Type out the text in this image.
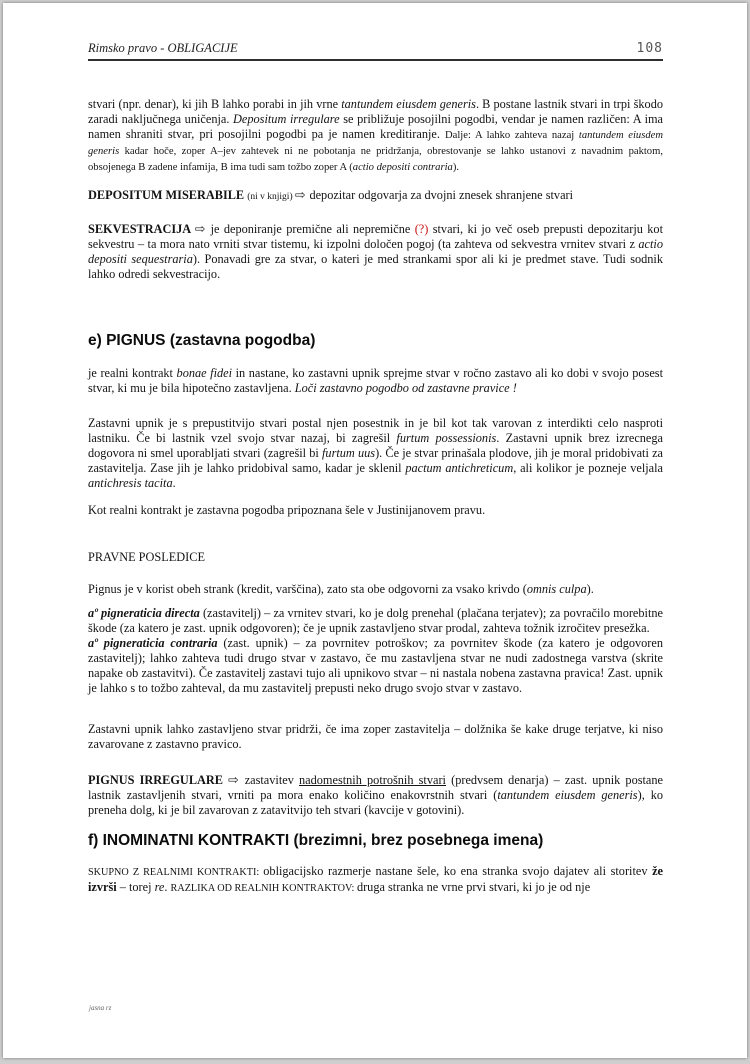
Rimsko pravo - OBLIGACIJE	108

stvari (npr. denar), ki jih B lahko porabi in jih vrne tantundem eiusdem generis. B postane lastnik stvari in trpi škodo zaradi naključnega uničenja. Depositum irregulare se približuje posojilni pogodbi, vendar je namen različen: A ima namen shraniti stvar, pri posojilni pogodbi pa je namen kreditiranje. Dalje: A lahko zahteva nazaj tantundem eiusdem generis kadar hoče, zoper A–jev zahtevek ni ne pobotanja ne pridržanja, obrestovanje se lahko ustanovi z navadnim paktom, obsojenega B zadene infamija, B ima tudi sam tožbo zoper A (actio depositi contraria).

DEPOSITUM MISERABILE (ni v knjigi) ⇨ depozitar odgovarja za dvojni znesek shranjene stvari

SEKVESTRACIJA ⇨ je deponiranje premične ali nepremične (?) stvari, ki jo več oseb prepusti depozitarju kot sekvestru – ta mora nato vrniti stvar tistemu, ki izpolni določen pogoj (ta zahteva od sekvestra vrnitev stvari z actio depositi sequestraria). Ponavadi gre za stvar, o kateri je med strankami spor ali ki je predmet stave. Tudi sodnik lahko odredi sekvestracijo.

e) PIGNUS (zastavna pogodba)

je realni kontrakt bonae fidei in nastane, ko zastavni upnik sprejme stvar v ročno zastavo ali ko dobi v svojo posest stvar, ki mu je bila hipotečno zastavljena. Loči zastavno pogodbo od zastavne pravice !

Zastavni upnik je s prepustitvijo stvari postal njen posestnik in je bil kot tak varovan z interdikti celo nasproti lastniku. Če bi lastnik vzel svojo stvar nazaj, bi zagrešil furtum possessionis. Zastavni upnik brez izrecnega dogovora ni smel uporabljati stvari (zagrešil bi furtum uus). Če je stvar prinašala plodove, jih je moral pridobivati za zastavitelja. Zase jih je lahko pridobival samo, kadar je sklenil pactum antichreticum, ali kolikor je pozneje veljala antichresis tacita.

Kot realni kontrakt je zastavna pogodba pripoznana šele v Justinijanovem pravu.

PRAVNE POSLEDICE

Pignus je v korist obeh strank (kredit, varščina), zato sta obe odgovorni za vsako krivdo (omnis culpa).

aº pigneraticia directa (zastavitelj) – za vrnitev stvari, ko je dolg prenehal (plačana terjatev); za povračilo morebitne škode (za katero je zast. upnik odgovoren); če je upnik zastavljeno stvar prodal, zahteva tožnik izročitev presežka.

aº pigneraticia contraria (zast. upnik) – za povrnitev potroškov; za povrnitev škode (za katero je odgovoren zastavitelj); lahko zahteva tudi drugo stvar v zastavo, če mu zastavljena stvar ne nudi zadostnega varstva (skrite napake ob zastavitvi). Če zastavitelj zastavi tujo ali upnikovo stvar – ni nastala nobena zastavna pravica! Zast. upnik je lahko s to tožbo zahteval, da mu zastavitelj prepusti neko drugo svojo stvar v zastavo.

Zastavni upnik lahko zastavljeno stvar pridrži, če ima zoper zastavitelja – dolžnika še kake druge terjatve, ki niso zavarovane z zastavno pravico.

PIGNUS IRREGULARE ⇨ zastavitev nadomestnih potrošnih stvari (predvsem denarja) – zast. upnik postane lastnik zastavljenih stvari, vrniti pa mora enako količino enakovrstnih stvari (tantundem eiusdem generis), ko preneha dolg, ki je bil zavarovan z zatavitvijo teh stvari (kavcije v gotovini).

f) INOMINATNI KONTRAKTI (brezimni, brez posebnega imena)

SKUPNO Z REALNIMI KONTRAKTI: obligacijsko razmerje nastane šele, ko ena stranka svojo dajatev ali storitev že izvrši – torej re. RAZLIKA OD REALNIH KONTRAKTOV: druga stranka ne vrne prvi stvari, ki jo je od nje

jasna rz
